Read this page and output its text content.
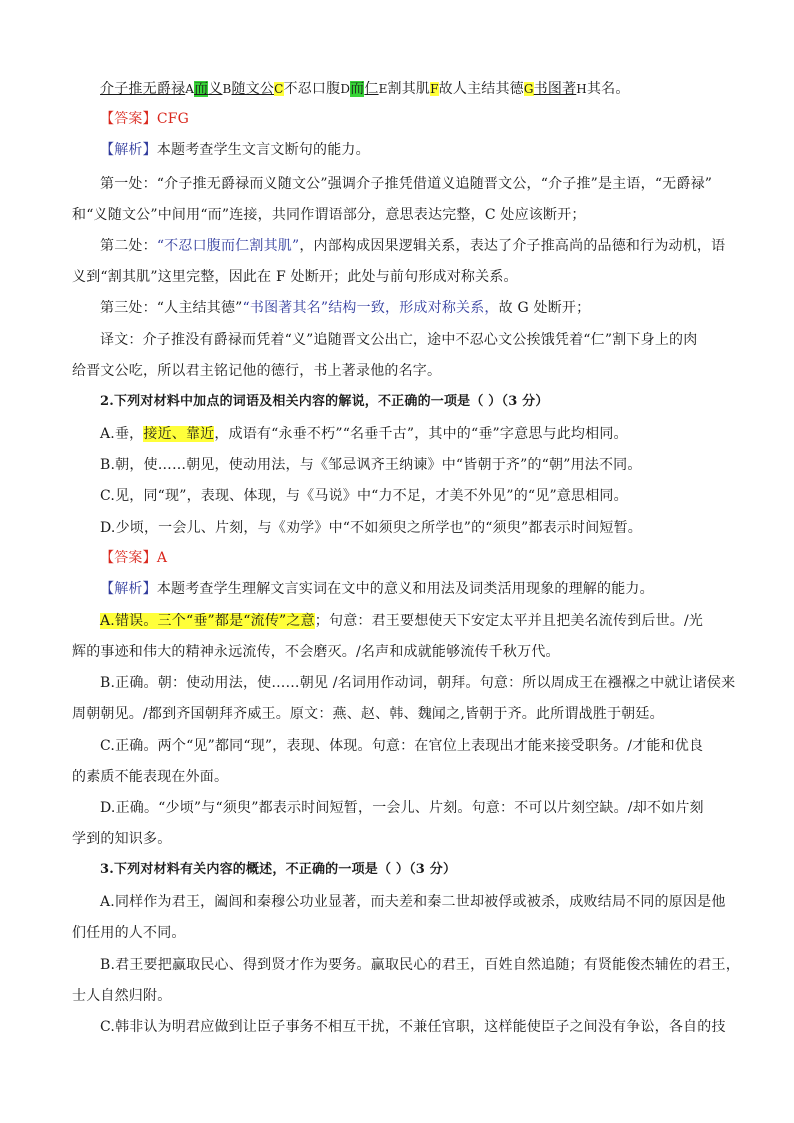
介子推无爵禄A而义B随文公C不忍口腹D而仁E割其肌F故人主结其德G书图著H其名。
【答案】CFG
【解析】本题考查学生文言文断句的能力。
第一处：“介子推无爵禄而义随文公”强调介子推凭借道义追随晋文公，“介子推”是主语，“无爵禄”
和“义随文公”中间用“而”连接，共同作谓语部分，意思表达完整，C 处应该断开；
第二处：“不忍口腹而仁割其肌”，内部构成因果逻辑关系，表达了介子推高尚的品德和行为动机，语
义到“割其肌”这里完整，因此在 F 处断开；此处与前句形成对称关系。
第三处：“人主结其德”“书图著其名”结构一致，形成对称关系，故 G 处断开；
译文：介子推没有爵禄而凭着“义”追随晋文公出亡，途中不忍心文公挨饿凭着“仁”割下身上的肉
给晋文公吃，所以君主铭记他的德行，书上著录他的名字。
2.下列对材料中加点的词语及相关内容的解说，不正确的一项是（ ）（3 分）
A.垂，接近、靠近，成语有“永垂不朽”“名垂千古”，其中的“垂”字意思与此均相同。
B.朝，使……朝见，使动用法，与《邹忌讽齐王纳谏》中“皆朝于齐”的“朝”用法不同。
C.见，同“现”，表现、体现，与《马说》中“力不足，才美不外见”的“见”意思相同。
D.少顷，一会儿、片刻，与《劝学》中“不如须臾之所学也”的“须臾”都表示时间短暂。
【答案】A
【解析】本题考查学生理解文言实词在文中的意义和用法及词类活用现象的理解的能力。
A.错误。三个“垂”都是“流传”之意；句意：君王要想使天下安定太平并且把美名流传到后世。/光
辉的事迹和伟大的精神永远流传，不会磨灭。/名声和成就能够流传千秋万代。
B.正确。朝：使动用法，使……朝见 /名词用作动词，朝拜。句意：所以周成王在襁褓之中就让诸侯来
周朝朝见。/都到齐国朝拜齐威王。原文：燕、赵、韩、魏闻之,皆朝于齐。此所谓战胜于朝廷。
C.正确。两个“见”都同“现”，表现、体现。句意：在官位上表现出才能来接受职务。/才能和优良
的素质不能表现在外面。
D.正确。“少顷”与“须臾”都表示时间短暂，一会儿、片刻。句意：不可以片刻空缺。/却不如片刻
学到的知识多。
3.下列对材料有关内容的概述，不正确的一项是（ ）（3 分）
A.同样作为君王，阖闾和秦穆公功业显著，而夫差和秦二世却被俘或被杀，成败结局不同的原因是他
们任用的人不同。
B.君王要把赢取民心、得到贤才作为要务。赢取民心的君王，百姓自然追随；有贤能俊杰辅佐的君王，
士人自然归附。
C.韩非认为明君应做到让臣子事务不相互干扰，不兼任官职，这样能使臣子之间没有争讼，各自的技
